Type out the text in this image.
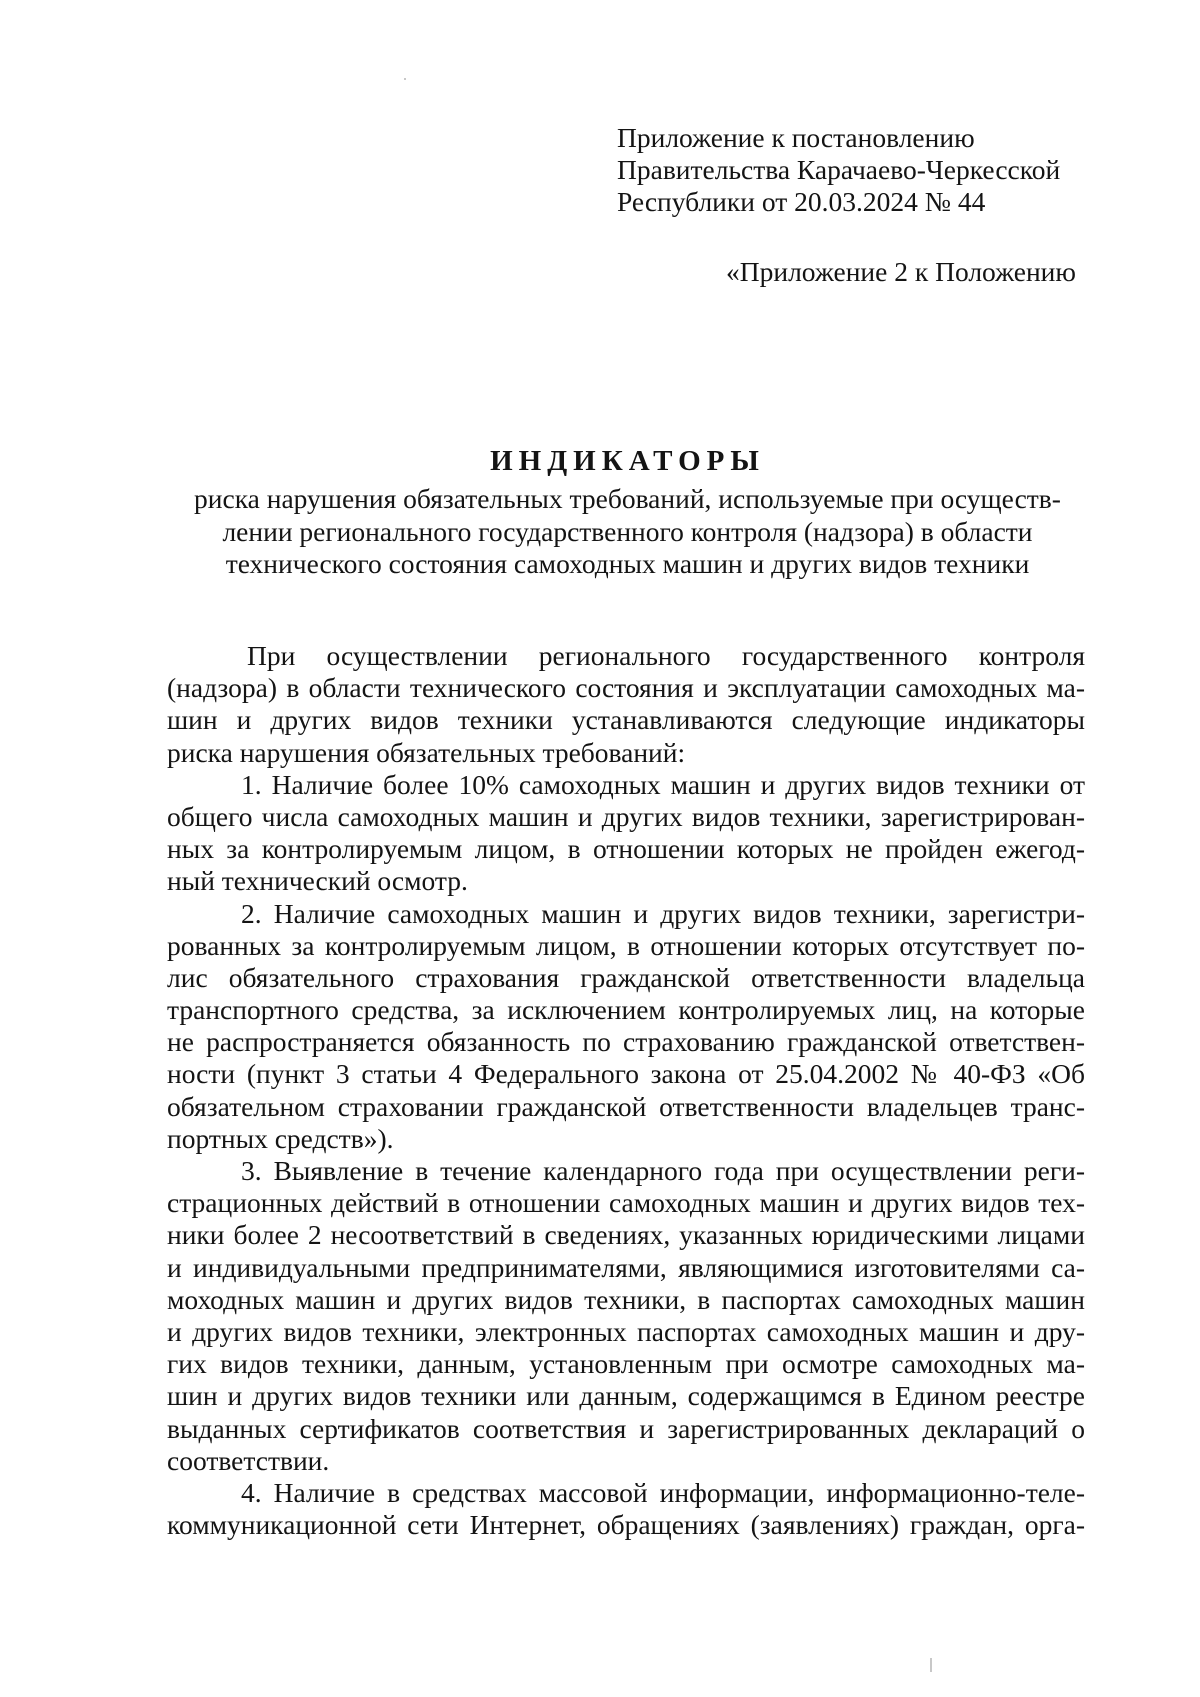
Приложение к постановлению
Правительства Карачаево-Черкесской
Республики от 20.03.2024 № 44
«Приложение 2 к Положению
ИНДИКАТОРЫ
риска нарушения обязательных требований, используемые при осуществ-
лении регионального государственного контроля (надзора) в области
технического состояния самоходных машин и других видов техники
При осуществлении регионального государственного контроля
(надзора) в области технического состояния и эксплуатации самоходных ма-
шин и других видов техники устанавливаются следующие индикаторы
риска нарушения обязательных требований:
1. Наличие более 10% самоходных машин и других видов техники от
общего числа самоходных машин и других видов техники, зарегистрирован-
ных за контролируемым лицом, в отношении которых не пройден ежегод-
ный технический осмотр.
2. Наличие самоходных машин и других видов техники, зарегистри-
рованных за контролируемым лицом, в отношении которых отсутствует по-
лис обязательного страхования гражданской ответственности владельца
транспортного средства, за исключением контролируемых лиц, на которые
не распространяется обязанность по страхованию гражданской ответствен-
ности (пункт 3 статьи 4 Федерального закона от 25.04.2002 № 40-ФЗ «Об
обязательном страховании гражданской ответственности владельцев транс-
портных средств»).
3. Выявление в течение календарного года при осуществлении реги-
страционных действий в отношении самоходных машин и других видов тех-
ники более 2 несоответствий в сведениях, указанных юридическими лицами
и индивидуальными предпринимателями, являющимися изготовителями са-
моходных машин и других видов техники, в паспортах самоходных машин
и других видов техники, электронных паспортах самоходных машин и дру-
гих видов техники, данным, установленным при осмотре самоходных ма-
шин и других видов техники или данным, содержащимся в Едином реестре
выданных сертификатов соответствия и зарегистрированных деклараций о
соответствии.
4. Наличие в средствах массовой информации, информационно-теле-
коммуникационной сети Интернет, обращениях (заявлениях) граждан, орга-
